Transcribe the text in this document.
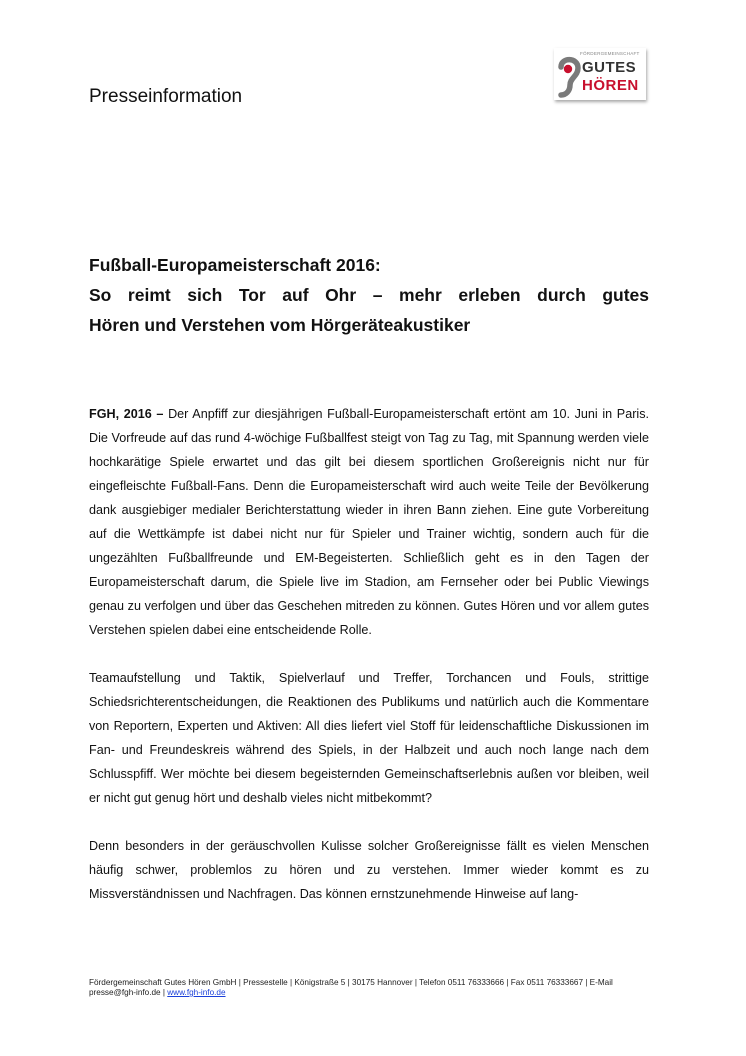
Presseinformation
FÖRDERGEMEINSCHAFT
GUTES
HÖREN
Fußball-Europameisterschaft 2016:
So reimt sich Tor auf Ohr – mehr erleben durch gutes
Hören und Verstehen vom Hörgeräteakustiker

FGH, 2016 – Der Anpfiff zur diesjährigen Fußball-Europameisterschaft ertönt am 10. Juni in Paris. Die Vorfreude auf das rund 4-wöchige Fußballfest steigt von Tag zu Tag, mit Spannung werden viele hochkarätige Spiele erwartet und das gilt bei diesem sportlichen Großereignis nicht nur für eingefleischte Fußball-Fans. Denn die Europameisterschaft wird auch weite Teile der Bevölkerung dank ausgiebiger medialer Berichterstattung wieder in ihren Bann ziehen. Eine gute Vorbereitung auf die Wettkämpfe ist dabei nicht nur für Spieler und Trainer wichtig, sondern auch für die ungezählten Fußballfreunde und EM-Begeisterten. Schließlich geht es in den Tagen der Europameisterschaft darum, die Spiele live im Stadion, am Fernseher oder bei Public Viewings genau zu verfolgen und über das Geschehen mitreden zu können. Gutes Hören und vor allem gutes Verstehen spielen dabei eine entscheidende Rolle.

Teamaufstellung und Taktik, Spielverlauf und Treffer, Torchancen und Fouls, strittige Schiedsrichterentscheidungen, die Reaktionen des Publikums und natürlich auch die Kommentare von Reportern, Experten und Aktiven: All dies liefert viel Stoff für leidenschaftliche Diskussionen im Fan- und Freundeskreis während des Spiels, in der Halbzeit und auch noch lange nach dem Schlusspfiff. Wer möchte bei diesem begeisternden Gemeinschaftserlebnis außen vor bleiben, weil er nicht gut genug hört und deshalb vieles nicht mitbekommt?

Denn besonders in der geräuschvollen Kulisse solcher Großereignisse fällt es vielen Menschen häufig schwer, problemlos zu hören und zu verstehen. Immer wieder kommt es zu Missverständnissen und Nachfragen. Das können ernstzunehmende Hinweise auf lang-

Fördergemeinschaft Gutes Hören GmbH | Pressestelle | Königstraße 5 | 30175 Hannover | Telefon 0511 76333666 | Fax 0511 76333667 | E-Mail presse@fgh-info.de | www.fgh-info.de
